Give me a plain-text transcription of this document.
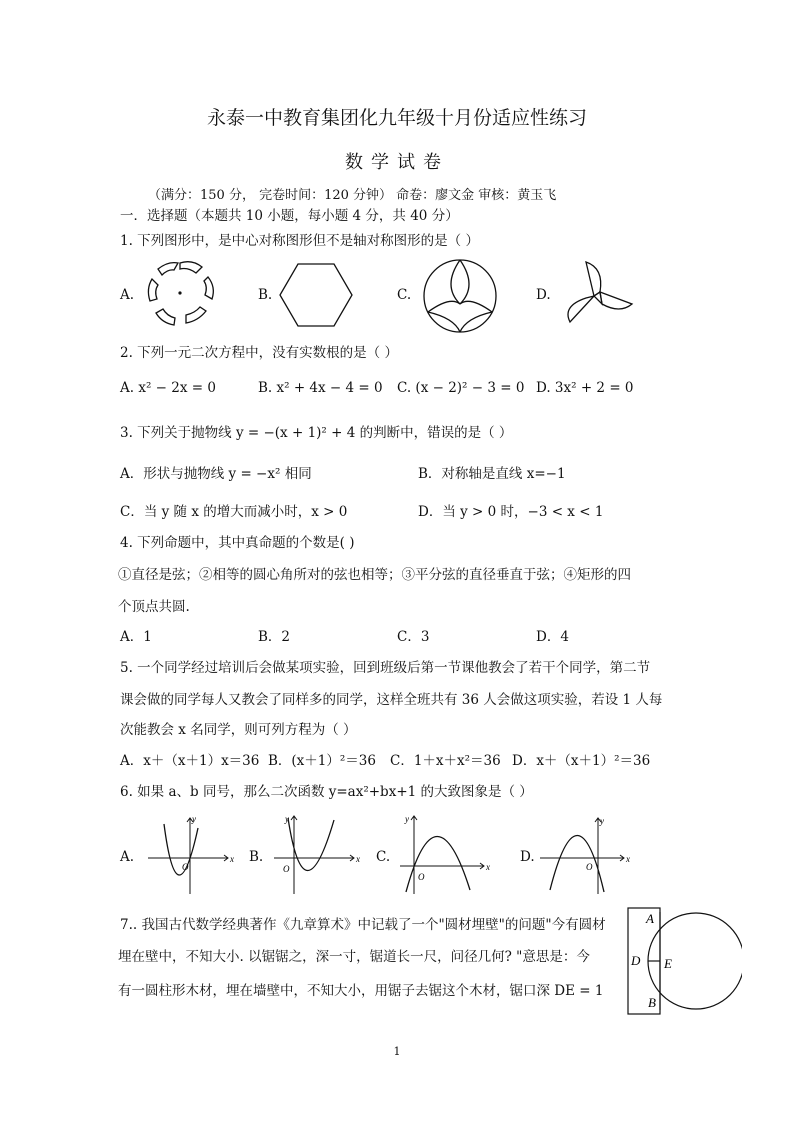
永泰一中教育集团化九年级十月份适应性练习
数学试卷
（满分：150 分， 完卷时间：120 分钟） 命卷：廖文金 审核：黄玉飞
一．选择题（本题共 10 小题，每小题 4 分，共 40 分）
1. 下列图形中，是中心对称图形但不是轴对称图形的是（ ）
A.	B.	C.	D.
2. 下列一元二次方程中，没有实数根的是（ ）
A. x² − 2x = 0	B. x² + 4x − 4 = 0 C. (x − 2)² − 3 = 0 D. 3x² + 2 = 0
3. 下列关于抛物线 y = −(x + 1)² + 4 的判断中，错误的是（ ）
A．形状与抛物线 y = −x² 相同	B．对称轴是直线 x=−1
C．当 y 随 x 的增大而减小时，x > 0	D．当 y > 0 时，−3 < x < 1
4. 下列命题中，其中真命题的个数是( )
①直径是弦；②相等的圆心角所对的弦也相等；③平分弦的直径垂直于弦；④矩形的四
个顶点共圆.
A．1	B．2	C．3	D．4
5. 一个同学经过培训后会做某项实验，回到班级后第一节课他教会了若干个同学，第二节
课会做的同学每人又教会了同样多的同学，这样全班共有 36 人会做这项实验，若设 1 人每
次能教会 x 名同学，则可列方程为（ ）
A．x＋（x＋1）x＝36 B．(x＋1）²＝36 C．1＋x＋x²＝36 D．x＋（x＋1）²＝36
6. 如果 a、b 同号，那么二次函数 y=ax²+bx+1 的大致图象是（ ）
A.	B.	C.	D.
x
y
O
x
y
O	x
y
O
x
y
O
7.. 我国古代数学经典著作《九章算术》中记载了一个"圆材埋壁"的问题"今有圆材
埋在壁中，不知大小. 以锯锯之，深一寸，锯道长一尺，问径几何? "意思是：今
有一圆柱形木材，埋在墙壁中，不知大小，用锯子去锯这个木材，锯口深 DE = 1
A
D E
B
1
